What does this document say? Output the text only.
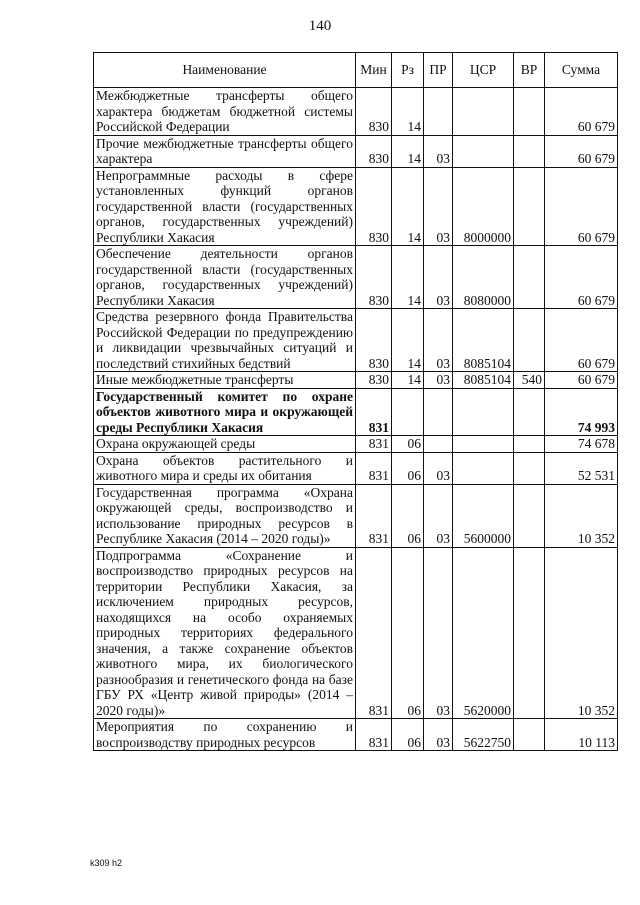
140
Наименование	Мин	Рз	ПР	ЦСР	ВР	Сумма
Межбюджетные трансферты общего характера бюджетам бюджетной системы Российской Федерации	830	14				60 679
Прочие межбюджетные трансферты общего характера	830	14	03			60 679
Непрограммные расходы в сфере установленных функций органов государственной власти (государственных органов, государственных учреждений) Республики Хакасия	830	14	03	8000000		60 679
Обеспечение деятельности органов государственной власти (государственных органов, государственных учреждений) Республики Хакасия	830	14	03	8080000		60 679
Средства резервного фонда Правительства Российской Федерации по предупреждению и ликвидации чрезвычайных ситуаций и последствий стихийных бедствий	830	14	03	8085104		60 679
Иные межбюджетные трансферты	830	14	03	8085104	540	60 679
Государственный комитет по охране объектов животного мира и окружающей среды Республики Хакасия	831					74 993
Охрана окружающей среды	831	06				74 678
Охрана объектов растительного и животного мира и среды их обитания	831	06	03			52 531
Государственная программа «Охрана окружающей среды, воспроизводство и использование природных ресурсов в Республике Хакасия (2014 – 2020 годы)»	831	06	03	5600000		10 352
Подпрограмма «Сохранение и воспроизводство природных ресурсов на территории Республики Хакасия, за исключением природных ресурсов, находящихся на особо охраняемых природных территориях федерального значения, а также сохранение объектов животного мира, их биологического разнообразия и генетического фонда на базе ГБУ РХ «Центр живой природы» (2014 – 2020 годы)»	831	06	03	5620000		10 352
Мероприятия по сохранению и воспроизводству природных ресурсов	831	06	03	5622750		10 113
k309 h2
